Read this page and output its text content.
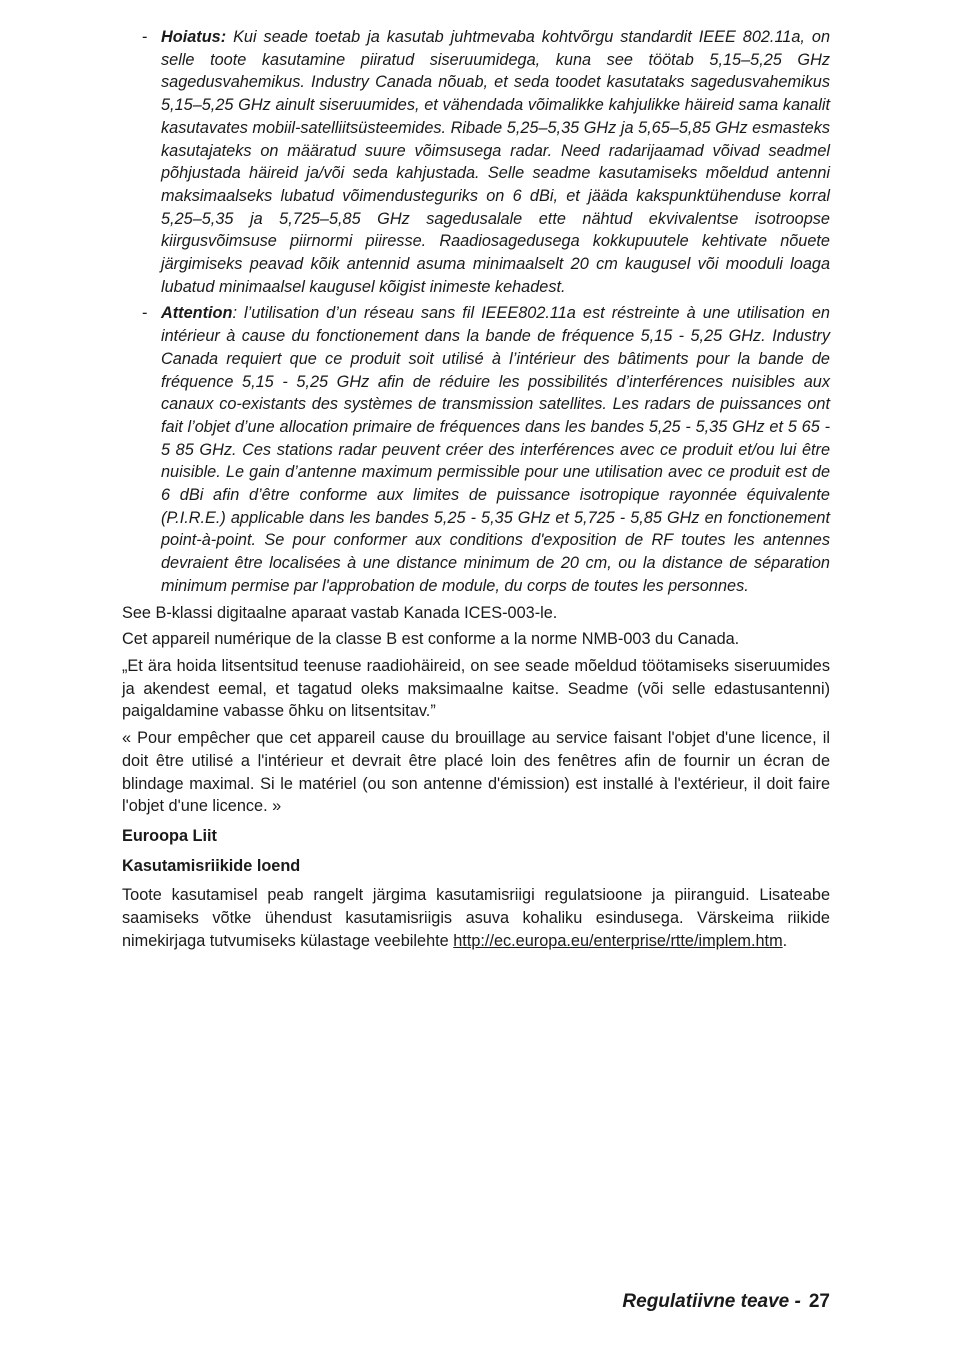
- Hoiatus: Kui seade toetab ja kasutab juhtmevaba kohtvõrgu standardit IEEE 802.11a, on selle toote kasutamine piiratud siseruumidega, kuna see töötab 5,15–5,25 GHz sagedusvahemikus. Industry Canada nõuab, et seda toodet kasutataks sagedusvahemikus 5,15–5,25 GHz ainult siseruumides, et vähendada võimalikke kahjulikke häireid sama kanalit kasutavates mobiil-satelliitsüsteemides. Ribade 5,25–5,35 GHz ja 5,65–5,85 GHz esmasteks kasutajateks on määratud suure võimsusega radar. Need radarijaamad võivad seadmel põhjustada häireid ja/või seda kahjustada. Selle seadme kasutamiseks mõeldud antenni maksimaalseks lubatud võimendusteguriks on 6 dBi, et jääda kakspunktühenduse korral 5,25–5,35 ja 5,725–5,85 GHz sagedusalale ette nähtud ekvivalentse isotroopse kiirgusvõimsuse piirnormi piiresse. Raadiosagedusega kokkupuutele kehtivate nõuete järgimiseks peavad kõik antennid asuma minimaalselt 20 cm kaugusel või mooduli loaga lubatud minimaalsel kaugusel kõigist inimeste kehadest.
- Attention: l’utilisation d’un réseau sans fil IEEE802.11a est réstreinte à une utilisation en intérieur à cause du fonctionement dans la bande de fréquence 5,15 - 5,25 GHz. Industry Canada requiert que ce produit soit utilisé à l’intérieur des bâtiments pour la bande de fréquence 5,15 - 5,25 GHz afin de réduire les possibilités d’interférences nuisibles aux canaux co-existants des systèmes de transmission satellites. Les radars de puissances ont fait l’objet d’une allocation primaire de fréquences dans les bandes 5,25 - 5,35 GHz et 5 65 - 5 85 GHz. Ces stations radar peuvent créer des interférences avec ce produit et/ou lui être nuisible. Le gain d’antenne maximum permissible pour une utilisation avec ce produit est de 6 dBi afin d’être conforme aux limites de puissance isotropique rayonnée équivalente (P.I.R.E.) applicable dans les bandes 5,25 - 5,35 GHz et 5,725 - 5,85 GHz en fonctionement point-à-point. Se pour conformer aux conditions d'exposition de RF toutes les antennes devraient être localisées à une distance minimum de 20 cm, ou la distance de séparation minimum permise par l'approbation de module, du corps de toutes les personnes.

See B-klassi digitaalne aparaat vastab Kanada ICES-003-le.

Cet appareil numérique de la classe B est conforme a la norme NMB-003 du Canada.

„Et ära hoida litsentsitud teenuse raadiohäireid, on see seade mõeldud töötamiseks siseruumides ja akendest eemal, et tagatud oleks maksimaalne kaitse. Seadme (või selle edastusantenni) paigaldamine vabasse õhku on litsentsitav.”

« Pour empêcher que cet appareil cause du brouillage au service faisant l'objet d'une licence, il doit être utilisé a l'intérieur et devrait être placé loin des fenêtres afin de fournir un écran de blindage maximal. Si le matériel (ou son antenne d'émission) est installé à l'extérieur, il doit faire l'objet d'une licence. »

Euroopa Liit
Kasutamisriikide loend

Toote kasutamisel peab rangelt järgima kasutamisriigi regulatsioone ja piiranguid. Lisateabe saamiseks võtke ühendust kasutamisriigis asuva kohaliku esindusega. Värskeima riikide nimekirjaga tutvumiseks külastage veebilehte http://ec.europa.eu/enterprise/rtte/implem.htm.

Regulatiivne teave - 27
